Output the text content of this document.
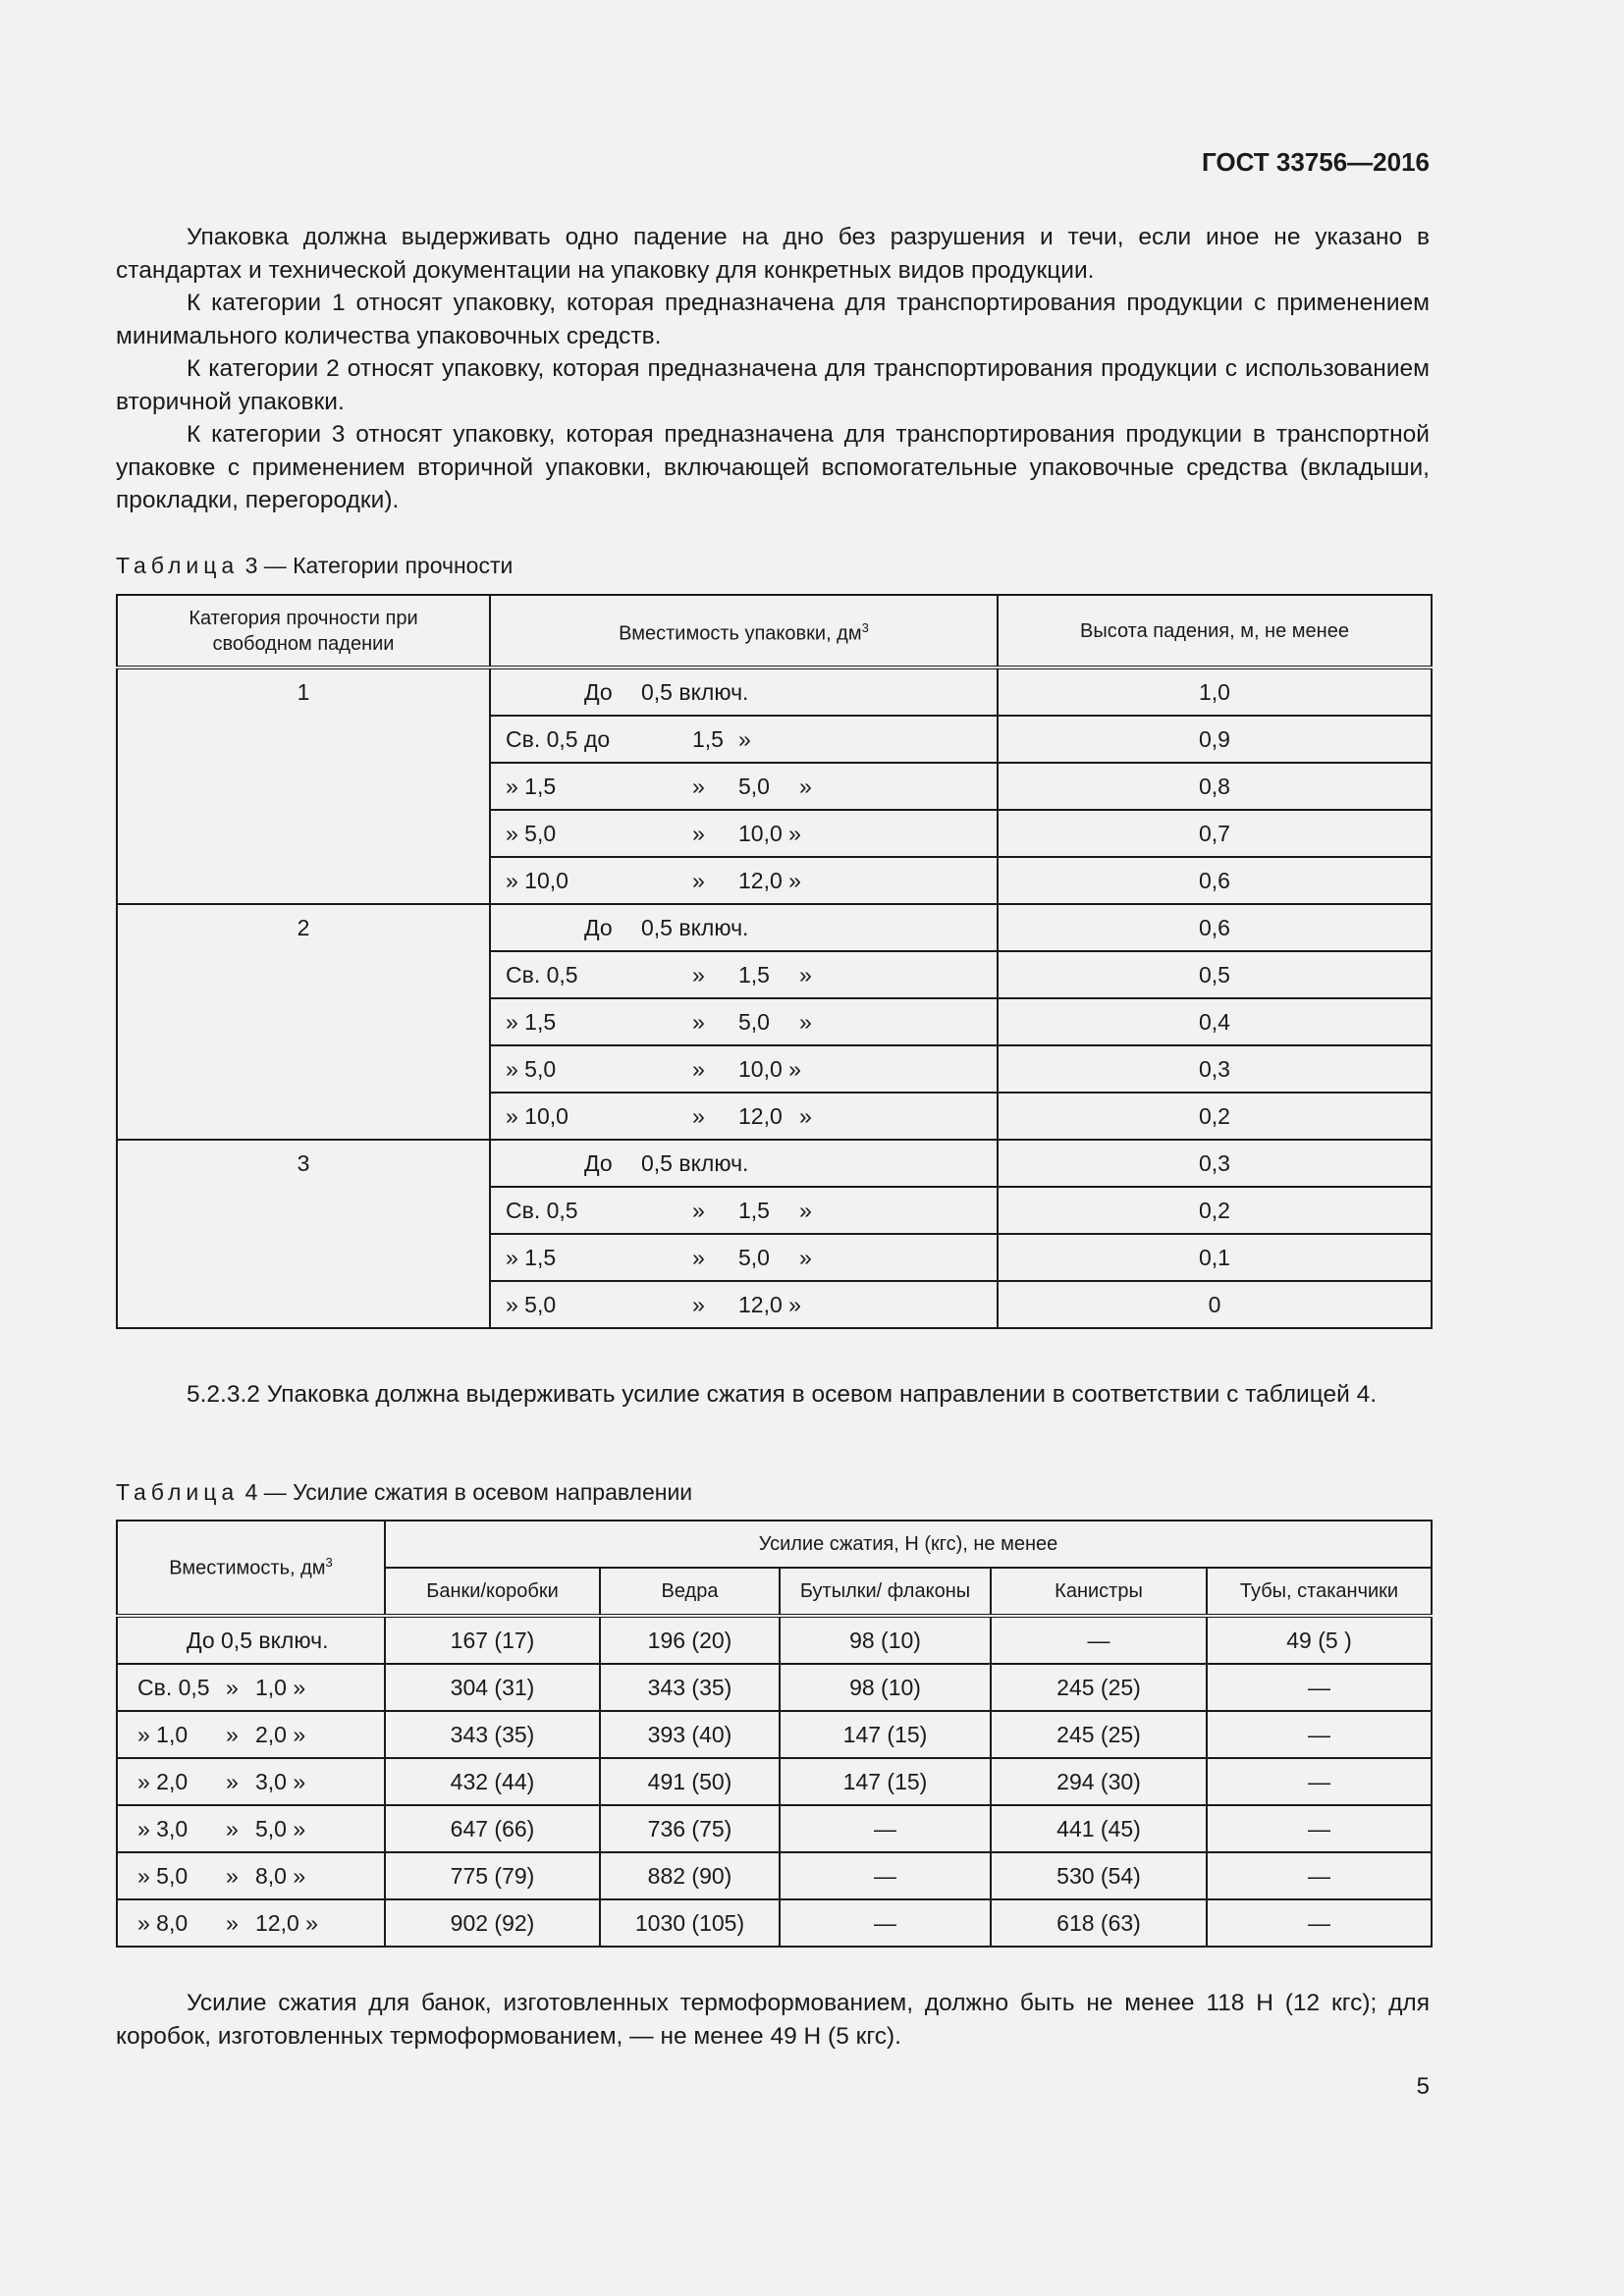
ГОСТ 33756—2016

Упаковка должна выдерживать одно падение на дно без разрушения и течи, если иное не указано в стандартах и технической документации на упаковку для конкретных видов продукции.

К категории 1 относят упаковку, которая предназначена для транспортирования продукции с применением минимального количества упаковочных средств.

К категории 2 относят упаковку, которая предназначена для транспортирования продукции с использованием вторичной упаковки.

К категории 3 относят упаковку, которая предназначена для транспортирования продукции в транспортной упаковке с применением вторичной упаковки, включающей вспомогательные упаковочные средства (вкладыши, прокладки, перегородки).

Таблица 3 — Категории прочности
Категория прочности при свободном падении	Вместимость упаковки, $дм^3$	Высота падения, м, не менее
1	До 0,5 включ.	1,0

	Св. 0,5 до 1,5 »	0,9

	» 1,5 » 5,0 »	0,8

	» 5,0 » 10,0 »	0,7

	» 10,0 » 12,0 »	0,6
2	До 0,5 включ.	0,6

	Св. 0,5 » 1,5 »	0,5

	» 1,5 » 5,0 »	0,4

	» 5,0 » 10,0 »	0,3

	» 10,0 » 12,0 »	0,2
3	До 0,5 включ.	0,3

	Св. 0,5 » 1,5 »	0,2

	» 1,5 » 5,0 »	0,1

	» 5,0 » 12,0 »	0

5.2.3.2 Упаковка должна выдерживать усилие сжатия в осевом направлении в соответствии с таблицей 4.

Таблица 4 — Усилие сжатия в осевом направлении
Вместимость, $дм^3$	Усилие сжатия, Н (кгс), не менее				
	Банки/коробки	Ведра	Бутылки/ флаконы	Канистры	Тубы, стаканчики

До 0,5 включ.	167 (17)	196 (20)	98 (10)	—	49 (5 )

Св. 0,5 » 1,0 »	304 (31)	343 (35)	98 (10)	245 (25)	—

» 1,0 » 2,0 »	343 (35)	393 (40)	147 (15)	245 (25)	—

» 2,0 » 3,0 »	432 (44)	491 (50)	147 (15)	294 (30)	—

» 3,0 » 5,0 »	647 (66)	736 (75)	—	441 (45)	—

» 5,0 » 8,0 »	775 (79)	882 (90)	—	530 (54)	—

» 8,0 » 12,0 »	902 (92)	1030 (105)	—	618 (63)	—

Усилие сжатия для банок, изготовленных термоформованием, должно быть не менее 118 Н (12 кгс); для коробок, изготовленных термоформованием, — не менее 49 Н (5 кгс).

5
